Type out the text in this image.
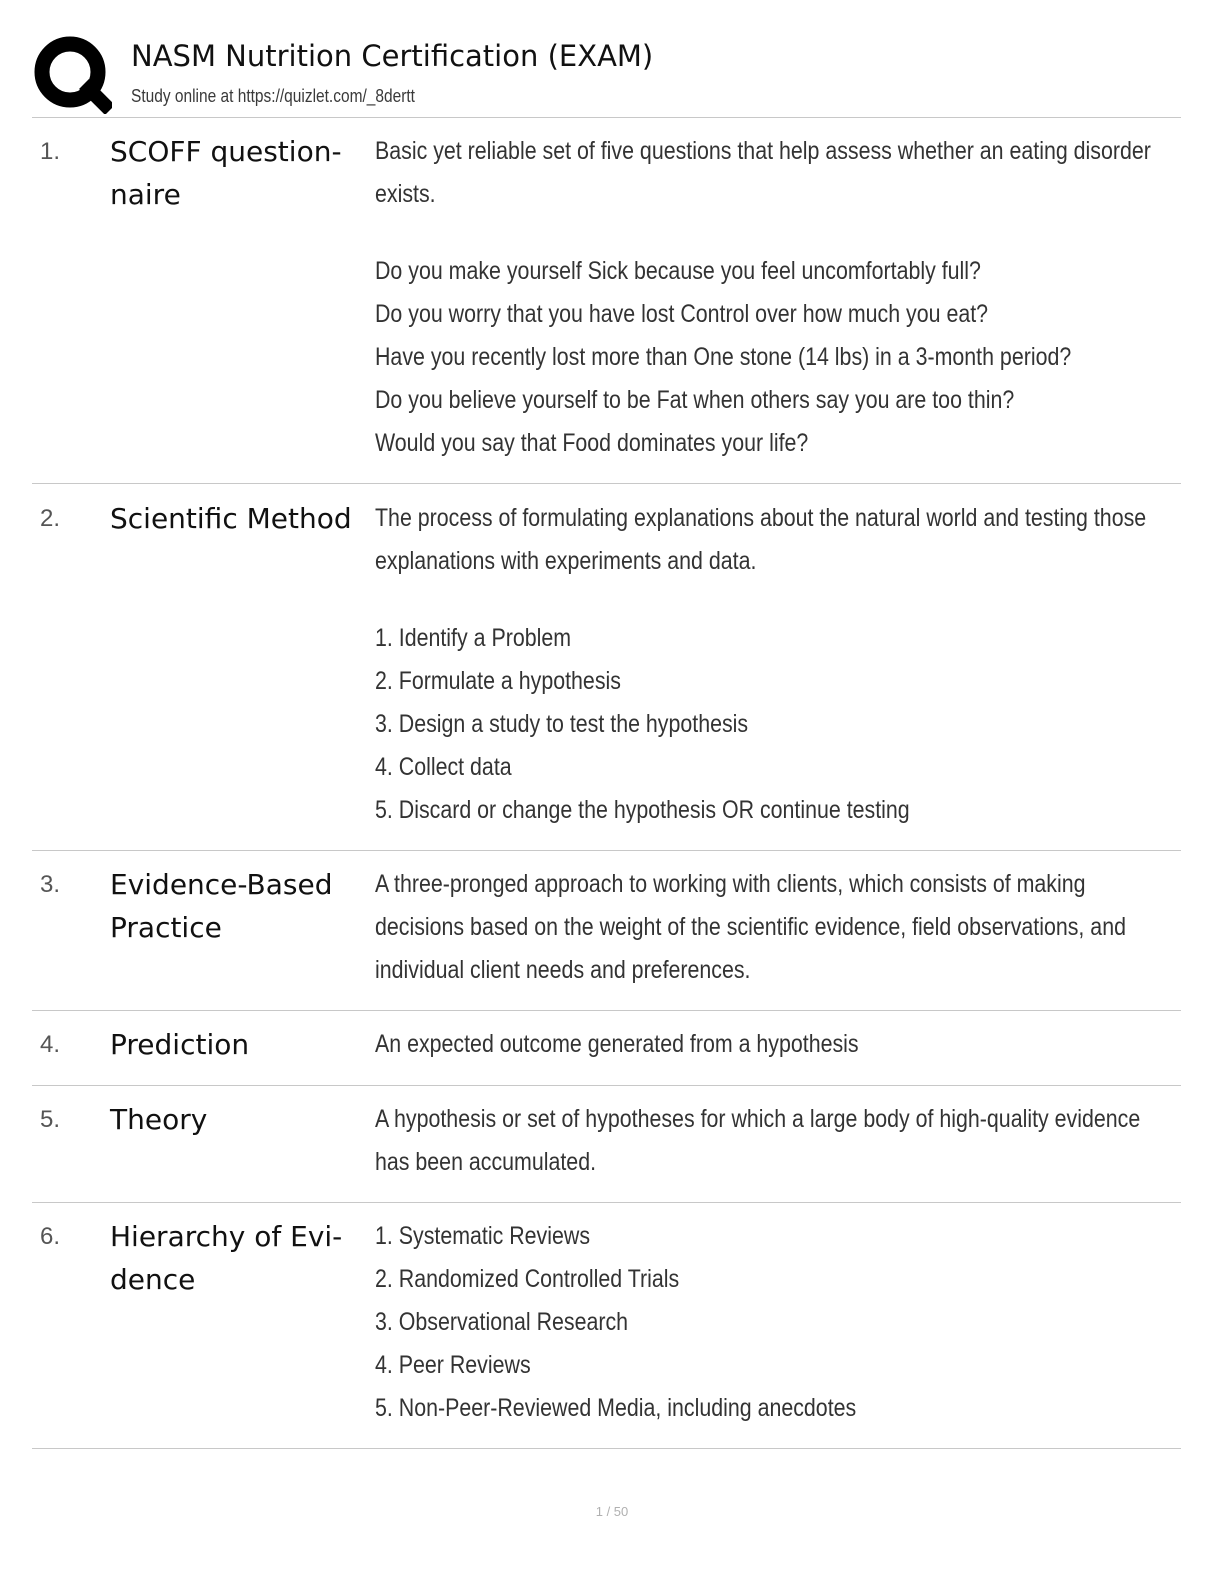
NASM Nutrition Certification (EXAM)
Study online at https://quizlet.com/_8dertt
1. SCOFF question-
naire
Basic yet reliable set of five questions that help assess whether an eating disorder
exists.
Do you make yourself Sick because you feel uncomfortably full?
Do you worry that you have lost Control over how much you eat?
Have you recently lost more than One stone (14 lbs) in a 3-month period?
Do you believe yourself to be Fat when others say you are too thin?
Would you say that Food dominates your life?
2. Scientific Method The process of formulating explanations about the natural world and testing those
explanations with experiments and data.
1. Identify a Problem
2. Formulate a hypothesis
3. Design a study to test the hypothesis
4. Collect data
5. Discard or change the hypothesis OR continue testing
3. Evidence-Based
Practice
A three-pronged approach to working with clients, which consists of making
decisions based on the weight of the scientific evidence, field observations, and
individual client needs and preferences.
4. Prediction	An expected outcome generated from a hypothesis
5. Theory	A hypothesis or set of hypotheses for which a large body of high-quality evidence
has been accumulated.
6. Hierarchy of Evi-
dence
1. Systematic Reviews
2. Randomized Controlled Trials
3. Observational Research
4. Peer Reviews
5. Non-Peer-Reviewed Media, including anecdotes
1 / 50
